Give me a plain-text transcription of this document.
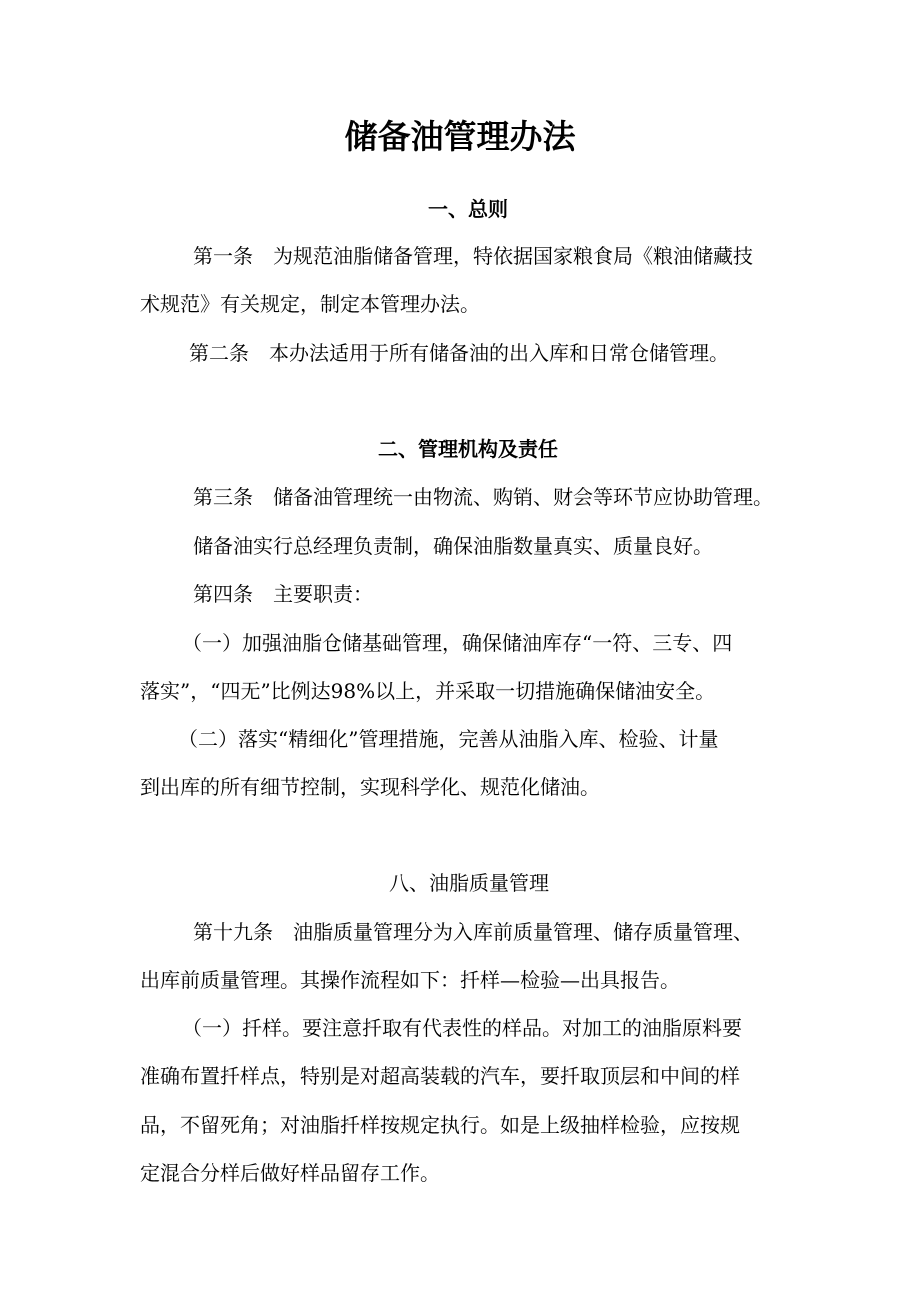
储备油管理办法
一、总则

第一条　为规范油脂储备管理，特依据国家粮食局《粮油储藏技

术规范》有关规定，制定本管理办法。

第二条　本办法适用于所有储备油的出入库和日常仓储管理。

二、管理机构及责任

第三条　储备油管理统一由物流、购销、财会等环节应协助管理。

储备油实行总经理负责制，确保油脂数量真实、质量良好。

第四条　主要职责：

（一）加强油脂仓储基础管理，确保储油库存“一符、三专、四

落实”，“四无”比例达98%以上，并采取一切措施确保储油安全。

（二）落实“精细化”管理措施，完善从油脂入库、检验、计量

到出库的所有细节控制，实现科学化、规范化储油。

八、油脂质量管理

第十九条　油脂质量管理分为入库前质量管理、储存质量管理、

出库前质量管理。其操作流程如下：扦样—检验—出具报告。

（一）扦样。要注意扦取有代表性的样品。对加工的油脂原料要

准确布置扦样点，特别是对超高装载的汽车，要扦取顶层和中间的样

品，不留死角；对油脂扦样按规定执行。如是上级抽样检验，应按规

定混合分样后做好样品留存工作。
